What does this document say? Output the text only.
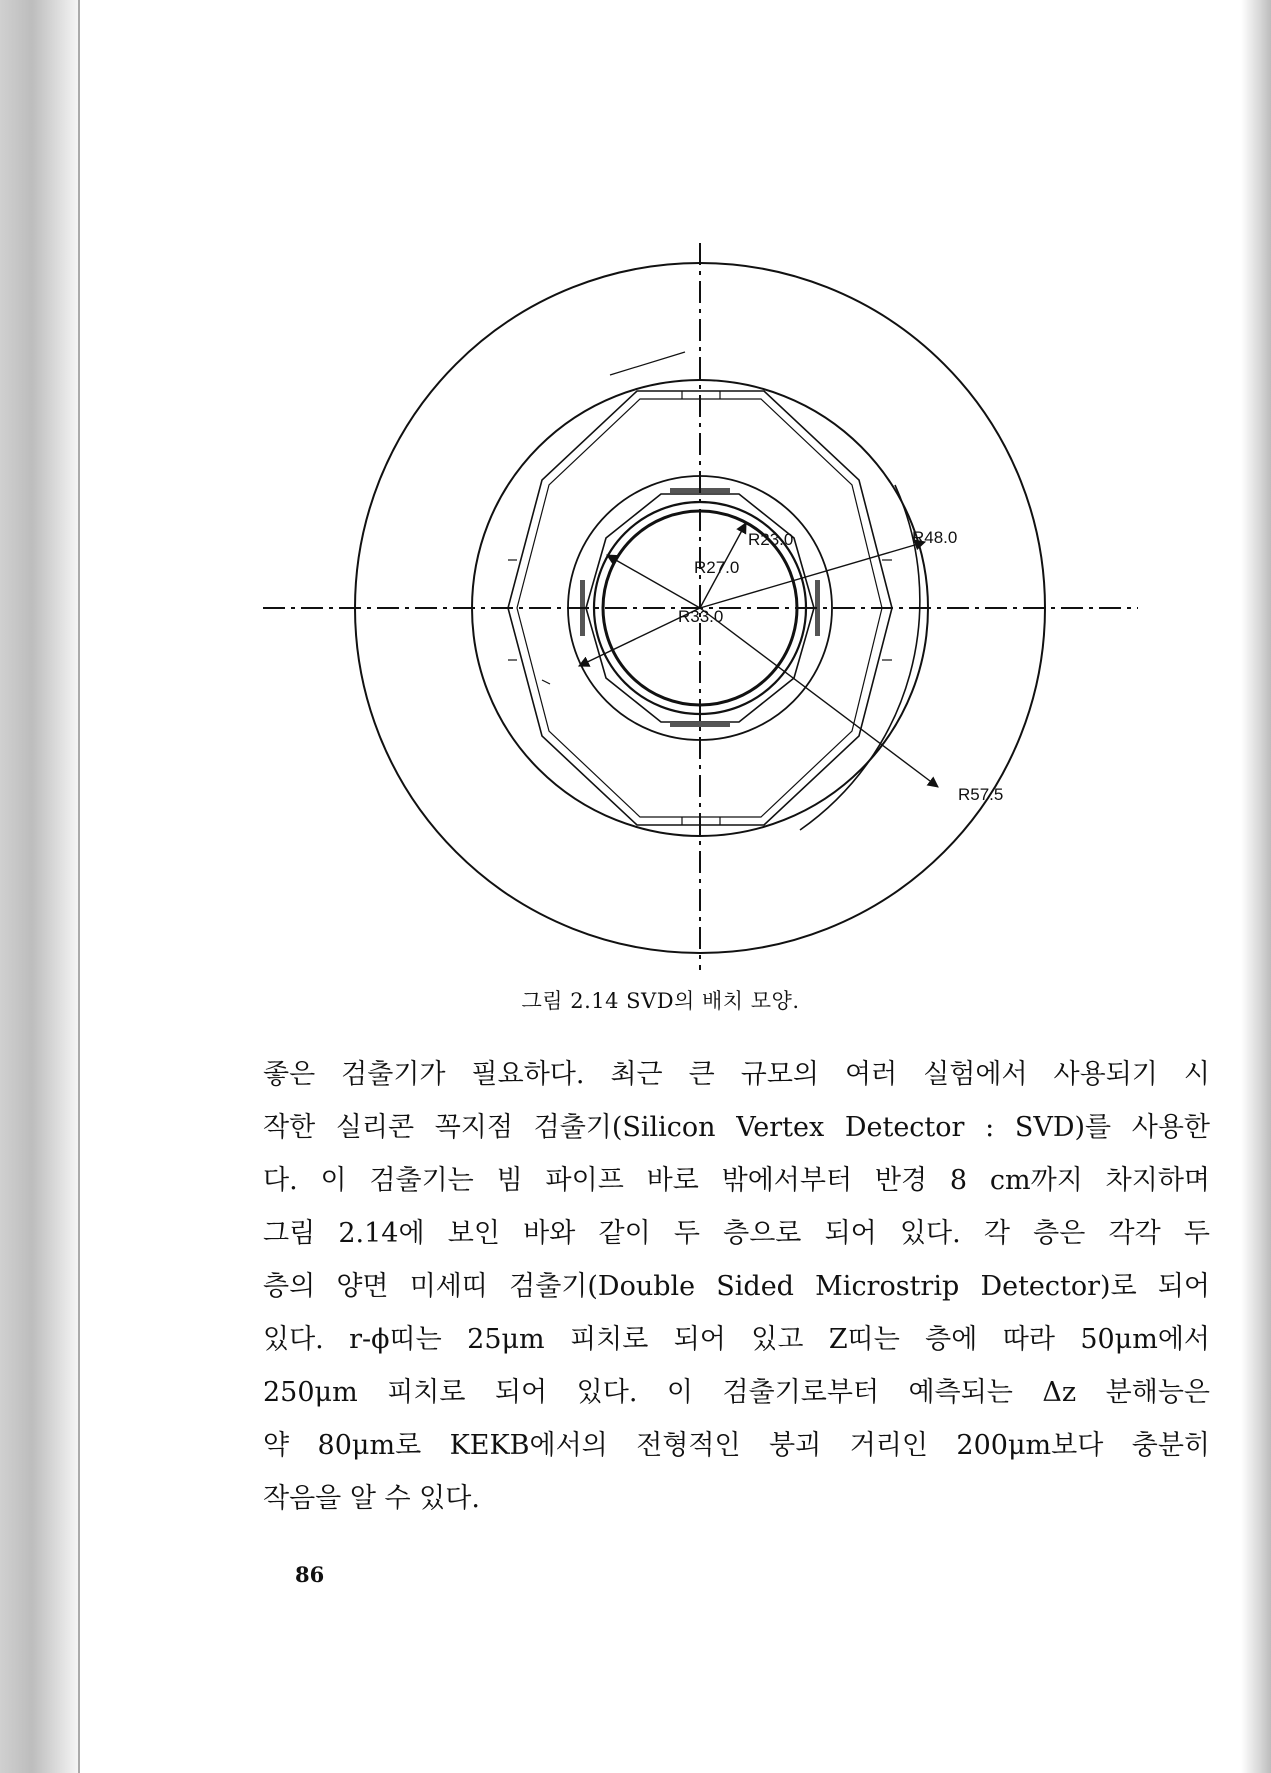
R23.0
R27.0
R33.0
R48.0
R57.5
그림 2.14 SVD의 배치 모양.
좋은 검출기가 필요하다. 최근 큰 규모의 여러 실험에서 사용되기 시
작한 실리콘 꼭지점 검출기(Silicon Vertex Detector : SVD)를 사용한
다. 이 검출기는 빔 파이프 바로 밖에서부터 반경 8 cm까지 차지하며
그림 2.14에 보인 바와 같이 두 층으로 되어 있다. 각 층은 각각 두
층의 양면 미세띠 검출기(Double Sided Microstrip Detector)로 되어
있다. r-ϕ띠는 25μm 피치로 되어 있고 Z띠는 층에 따라 50μm에서
250μm 피치로 되어 있다. 이 검출기로부터 예측되는 Δz 분해능은
약 80μm로 KEKB에서의 전형적인 붕괴 거리인 200μm보다 충분히
작음을 알 수 있다.
86
